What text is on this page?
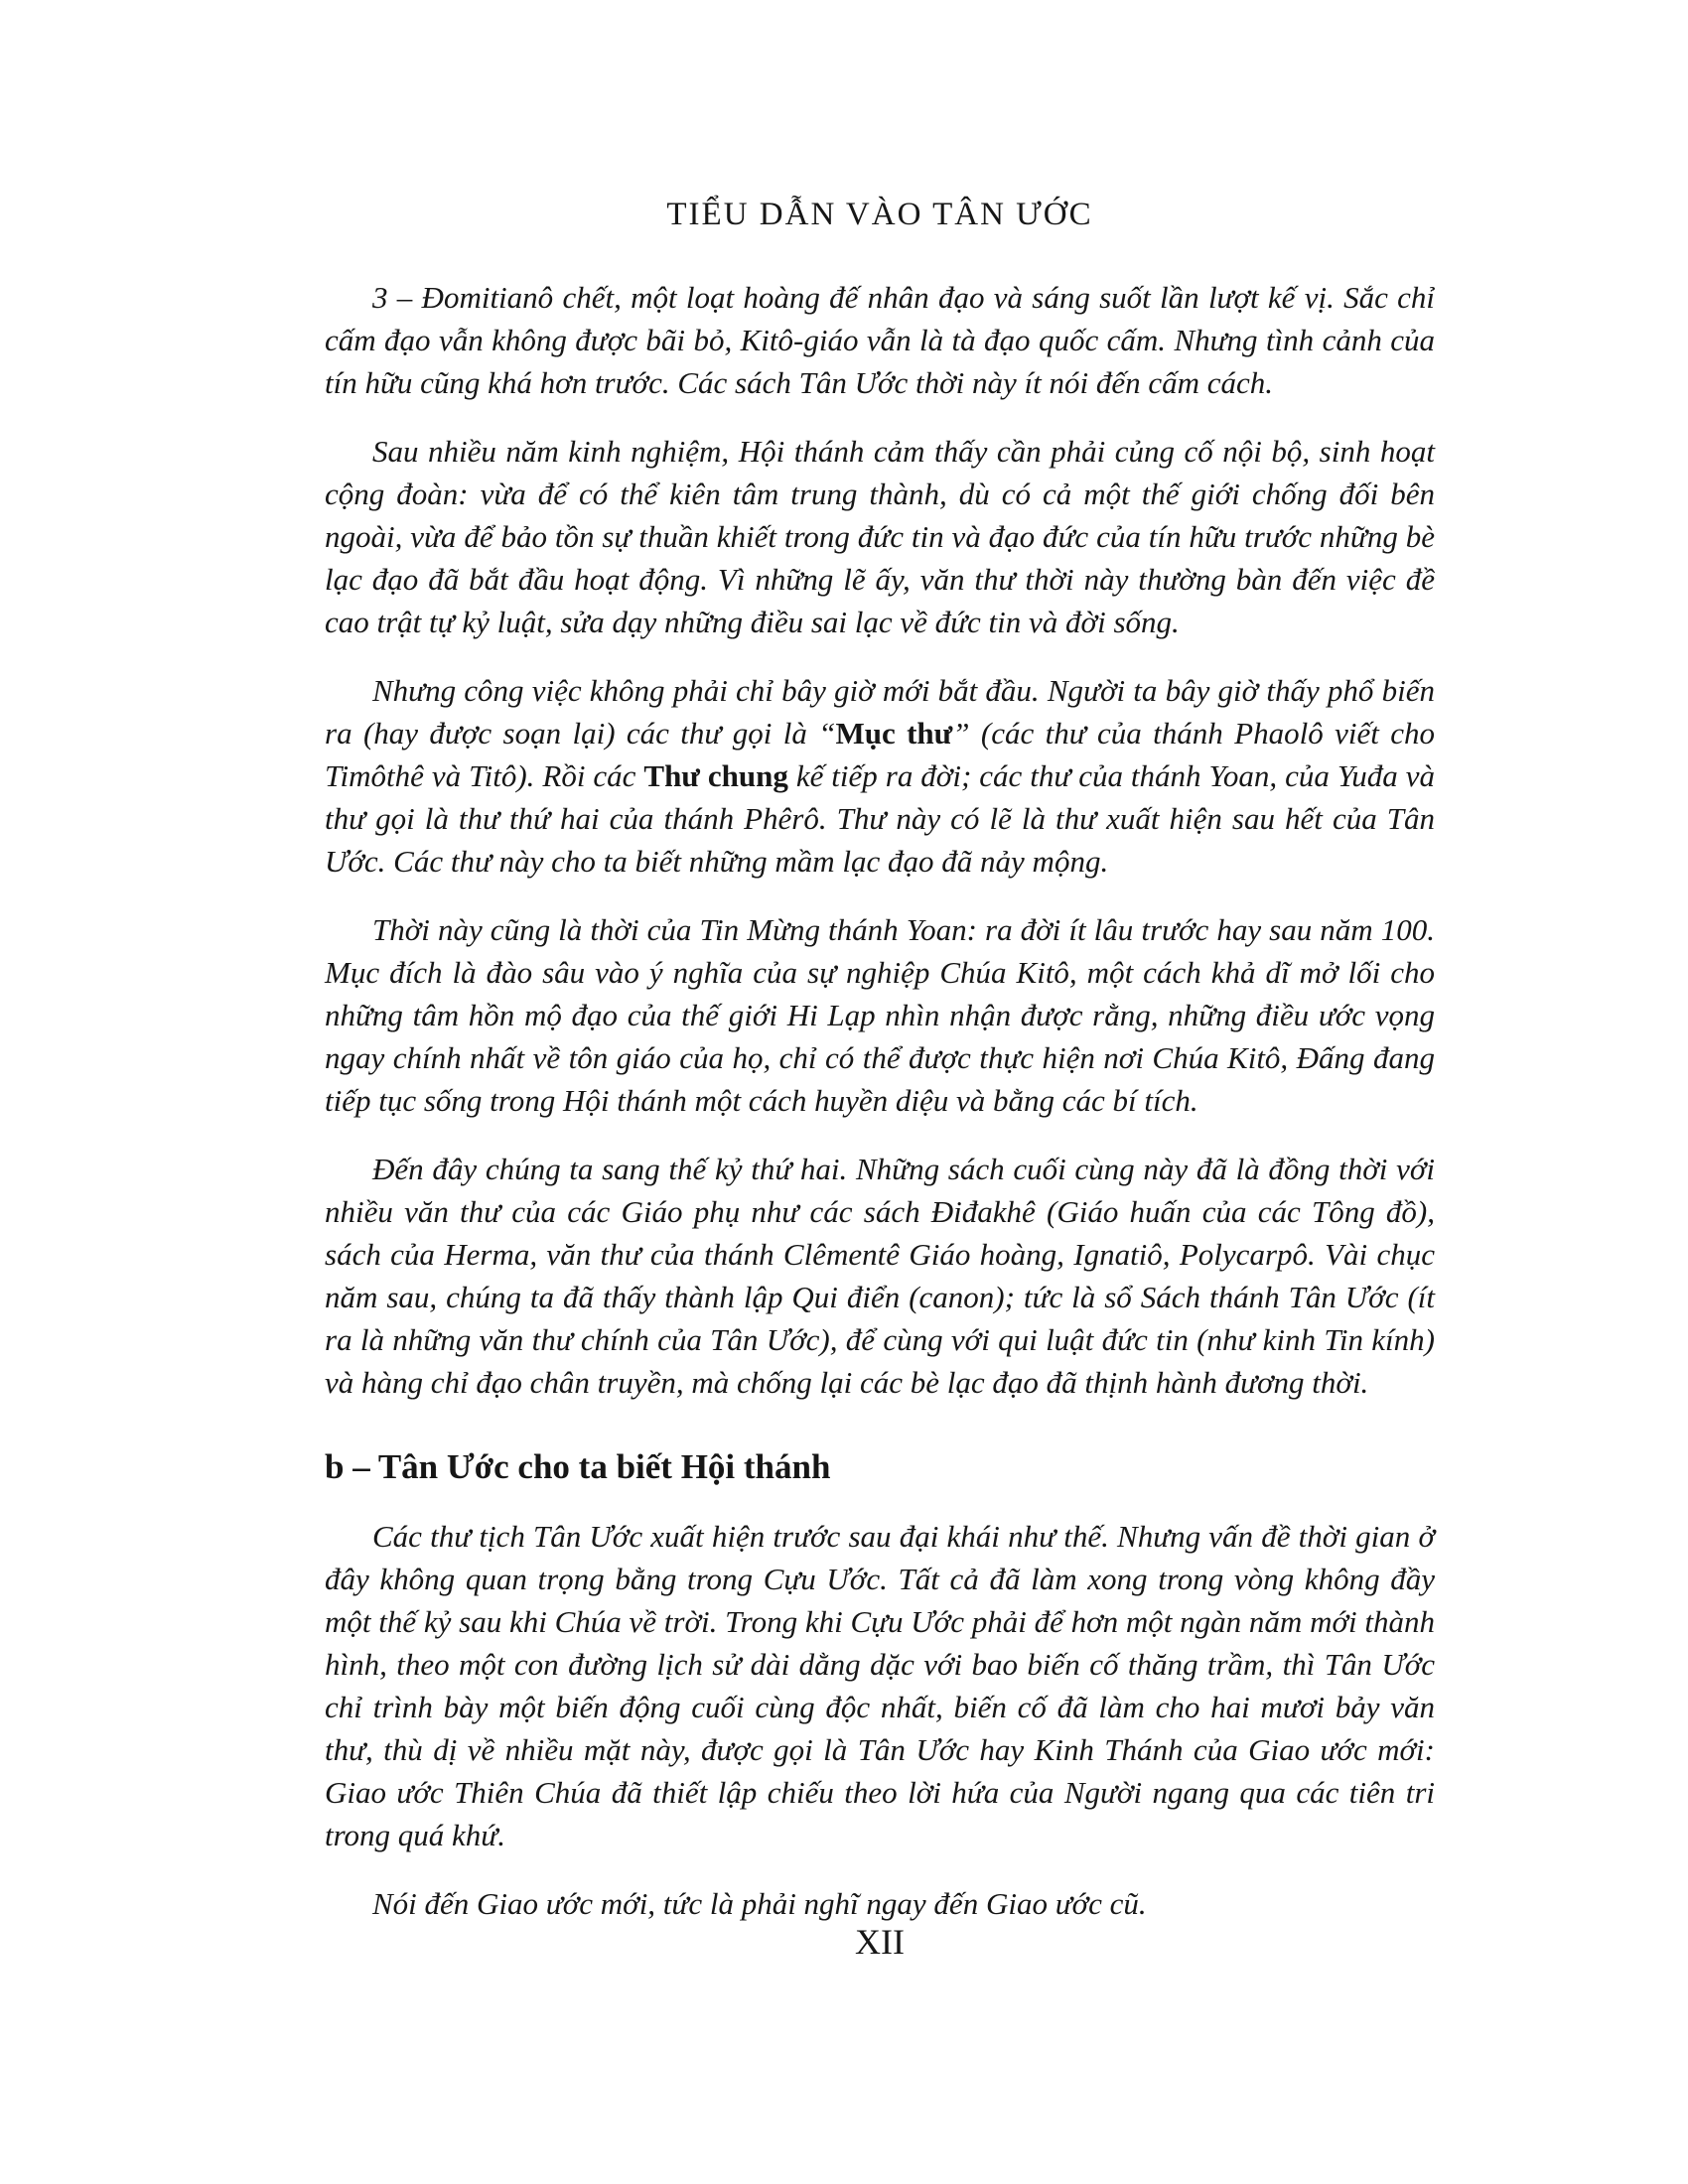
TIỂU DẪN VÀO TÂN ƯỚC

3 – Đomitianô chết, một loạt hoàng đế nhân đạo và sáng suốt lần lượt kế vị. Sắc chỉ cấm đạo vẫn không được bãi bỏ, Kitô-giáo vẫn là tà đạo quốc cấm. Nhưng tình cảnh của tín hữu cũng khá hơn trước. Các sách Tân Ước thời này ít nói đến cấm cách.

Sau nhiều năm kinh nghiệm, Hội thánh cảm thấy cần phải củng cố nội bộ, sinh hoạt cộng đoàn: vừa để có thể kiên tâm trung thành, dù có cả một thế giới chống đối bên ngoài, vừa để bảo tồn sự thuần khiết trong đức tin và đạo đức của tín hữu trước những bè lạc đạo đã bắt đầu hoạt động. Vì những lẽ ấy, văn thư thời này thường bàn đến việc đề cao trật tự kỷ luật, sửa dạy những điều sai lạc về đức tin và đời sống.

Nhưng công việc không phải chỉ bây giờ mới bắt đầu. Người ta bây giờ thấy phổ biến ra (hay được soạn lại) các thư gọi là “Mục thư” (các thư của thánh Phaolô viết cho Timôthê và Titô). Rồi các Thư chung kế tiếp ra đời; các thư của thánh Yoan, của Yuđa và thư gọi là thư thứ hai của thánh Phêrô. Thư này có lẽ là thư xuất hiện sau hết của Tân Ước. Các thư này cho ta biết những mầm lạc đạo đã nảy mộng.

Thời này cũng là thời của Tin Mừng thánh Yoan: ra đời ít lâu trước hay sau năm 100. Mục đích là đào sâu vào ý nghĩa của sự nghiệp Chúa Kitô, một cách khả dĩ mở lối cho những tâm hồn mộ đạo của thế giới Hi Lạp nhìn nhận được rằng, những điều ước vọng ngay chính nhất về tôn giáo của họ, chỉ có thể được thực hiện nơi Chúa Kitô, Đấng đang tiếp tục sống trong Hội thánh một cách huyền diệu và bằng các bí tích.

Đến đây chúng ta sang thế kỷ thứ hai. Những sách cuối cùng này đã là đồng thời với nhiều văn thư của các Giáo phụ như các sách Điđakhê (Giáo huấn của các Tông đồ), sách của Herma, văn thư của thánh Clêmentê Giáo hoàng, Ignatiô, Polycarpô. Vài chục năm sau, chúng ta đã thấy thành lập Qui điển (canon); tức là sổ Sách thánh Tân Ước (ít ra là những văn thư chính của Tân Ước), để cùng với qui luật đức tin (như kinh Tin kính) và hàng chỉ đạo chân truyền, mà chống lại các bè lạc đạo đã thịnh hành đương thời.

b – Tân Ước cho ta biết Hội thánh

Các thư tịch Tân Ước xuất hiện trước sau đại khái như thế. Nhưng vấn đề thời gian ở đây không quan trọng bằng trong Cựu Ước. Tất cả đã làm xong trong vòng không đầy một thế kỷ sau khi Chúa về trời. Trong khi Cựu Ước phải để hơn một ngàn năm mới thành hình, theo một con đường lịch sử dài dằng dặc với bao biến cố thăng trầm, thì Tân Ước chỉ trình bày một biến động cuối cùng độc nhất, biến cố đã làm cho hai mươi bảy văn thư, thù dị về nhiều mặt này, được gọi là Tân Ước hay Kinh Thánh của Giao ước mới: Giao ước Thiên Chúa đã thiết lập chiếu theo lời hứa của Người ngang qua các tiên tri trong quá khứ.

Nói đến Giao ước mới, tức là phải nghĩ ngay đến Giao ước cũ.

XII
